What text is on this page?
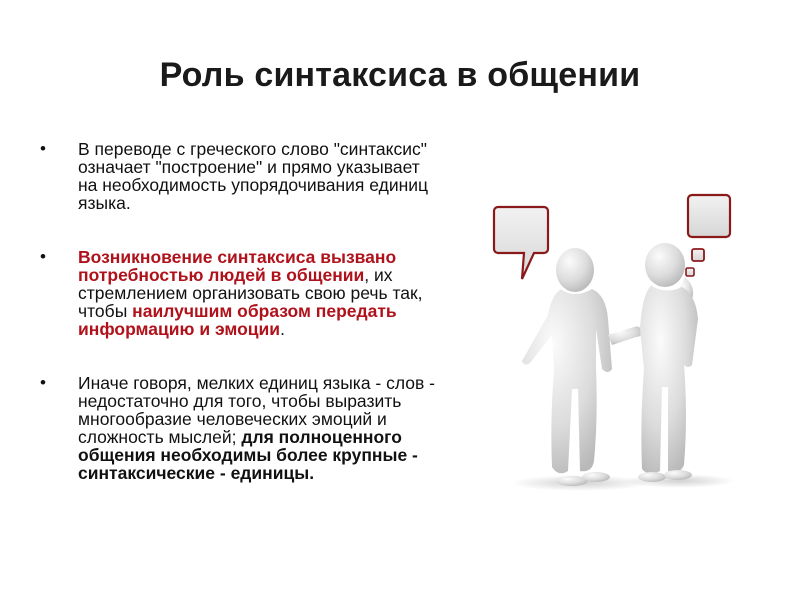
Роль синтаксиса в общении
• В переводе с греческого слово "синтаксис" означает "построение" и прямо указывает на необходимость упорядочивания единиц языка.
• Возникновение синтаксиса вызвано потребностью людей в общении, их стремлением организовать свою речь так, чтобы наилучшим образом передать информацию и эмоции.
• Иначе говоря, мелких единиц языка - слов - недостаточно для того, чтобы выразить многообразие человеческих эмоций и сложность мыслей; для полноценного общения необходимы более крупные - синтаксические - единицы.
